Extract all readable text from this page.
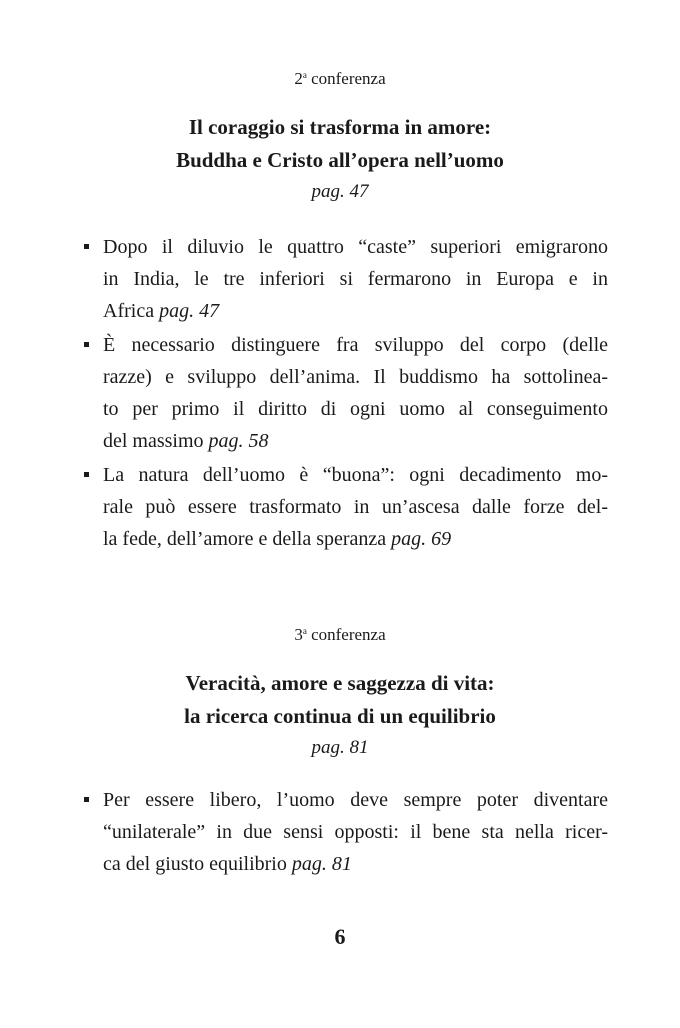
2$^a$ conferenza
Il coraggio si trasforma in amore:
Buddha e Cristo all’opera nell’uomo
pag. 47
Dopo il diluvio le quattro “caste” superiori emigrarono
in India, le tre inferiori si fermarono in Europa e in
Africa pag. 47
È necessario distinguere fra sviluppo del corpo (delle
razze) e sviluppo dell’anima. Il buddismo ha sottolinea-
to per primo il diritto di ogni uomo al conseguimento
del massimo pag. 58
La natura dell’uomo è “buona”: ogni decadimento mo-
rale può essere trasformato in un’ascesa dalle forze del-
la fede, dell’amore e della speranza pag. 69
3$^a$ conferenza
Veracità, amore e saggezza di vita:
la ricerca continua di un equilibrio
pag. 81
Per essere libero, l’uomo deve sempre poter diventare
“unilaterale” in due sensi opposti: il bene sta nella ricer-
ca del giusto equilibrio pag. 81
6
